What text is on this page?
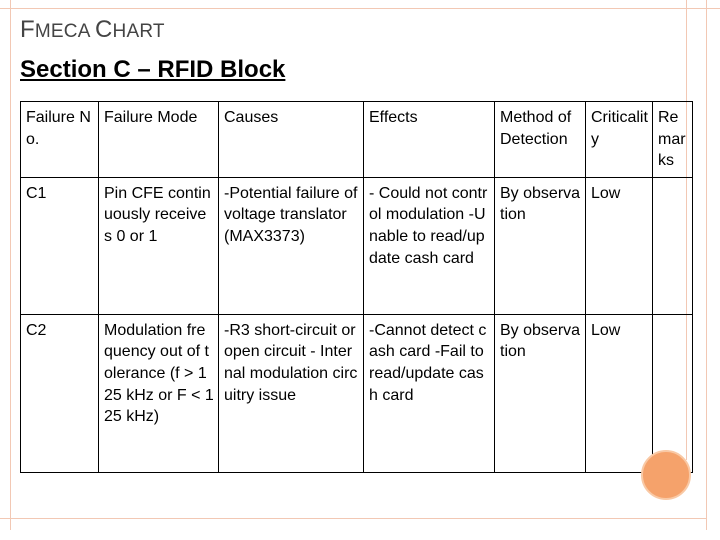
FMECA CHART
Section C – RFID Block
Failure No.	Failure Mode	Causes	Effects	Method of Detection	Criticality	Remarks
C1	Pin CFE continuously receives 0 or 1	-Potential failure of voltage translator (MAX3373)	- Could not control modulation -Unable to read/update cash card	By observation	Low	
C2	Modulation frequency out of tolerance (f > 125 kHz or F < 125 kHz)	-R3 short-circuit or open circuit - Internal modulation circuitry issue	-Cannot detect cash card -Fail to read/update cash card	By observation	Low	
